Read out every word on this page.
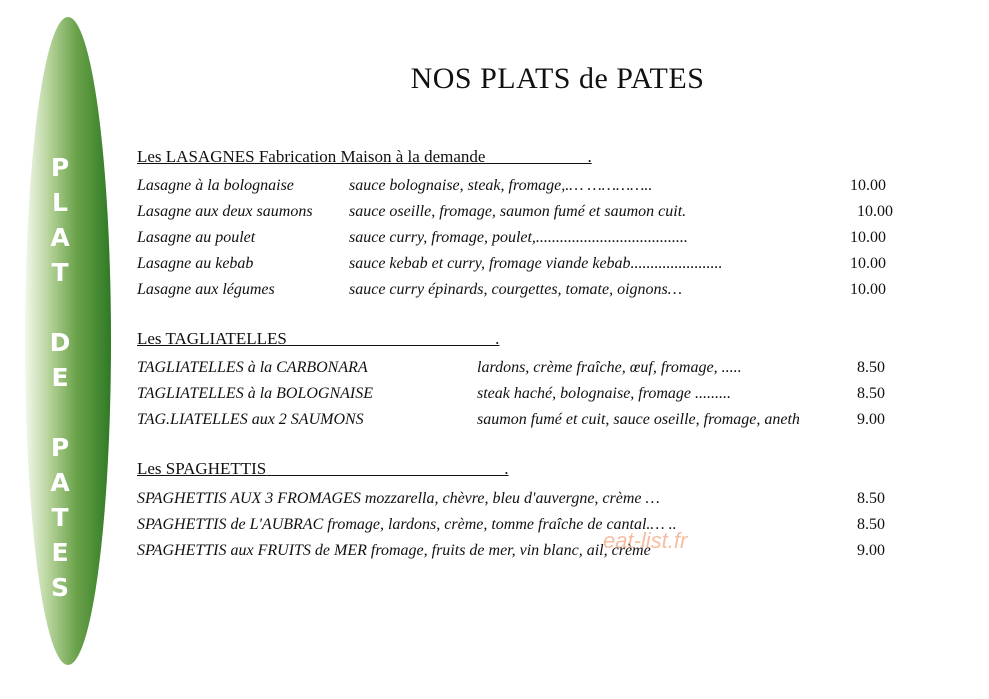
P
L
A
T
D
E
P
A
T
E
S
NOS PLATS de PATES
Les LASAGNES Fabrication Maison à la demande                        .
Lasagne à la bolognaise	sauce bolognaise, steak, fromage,.… …………..	10.00
Lasagne aux deux saumons sauce oseille, fromage, saumon fumé et saumon cuit.	10.00
Lasagne au poulet	sauce curry, fromage, poulet,......................................	10.00
Lasagne au kebab	sauce kebab et curry, fromage viande kebab.......................	10.00
Lasagne aux légumes	sauce curry épinards, courgettes, tomate, oignons…	10.00
Les TAGLIATELLES                                                 .
TAGLIATELLES à la CARBONARA	lardons, crème fraîche, œuf, fromage, .....	8.50
TAGLIATELLES à la BOLOGNAISE	steak haché, bolognaise, fromage .........	8.50
TAG.LIATELLES aux 2 SAUMONS	saumon fumé et cuit, sauce oseille, fromage, aneth	9.00
Les SPAGHETTIS                                                        .
SPAGHETTIS AUX 3 FROMAGES mozzarella, chèvre, bleu d'auvergne, crème …	8.50
SPAGHETTIS de L'AUBRAC fromage, lardons, crème, tomme fraîche de cantal.… ..	8.50
SPAGHETTIS aux FRUITS de MER fromage, fruits de mer, vin blanc, ail, crème	9.00
eat-list.fr
